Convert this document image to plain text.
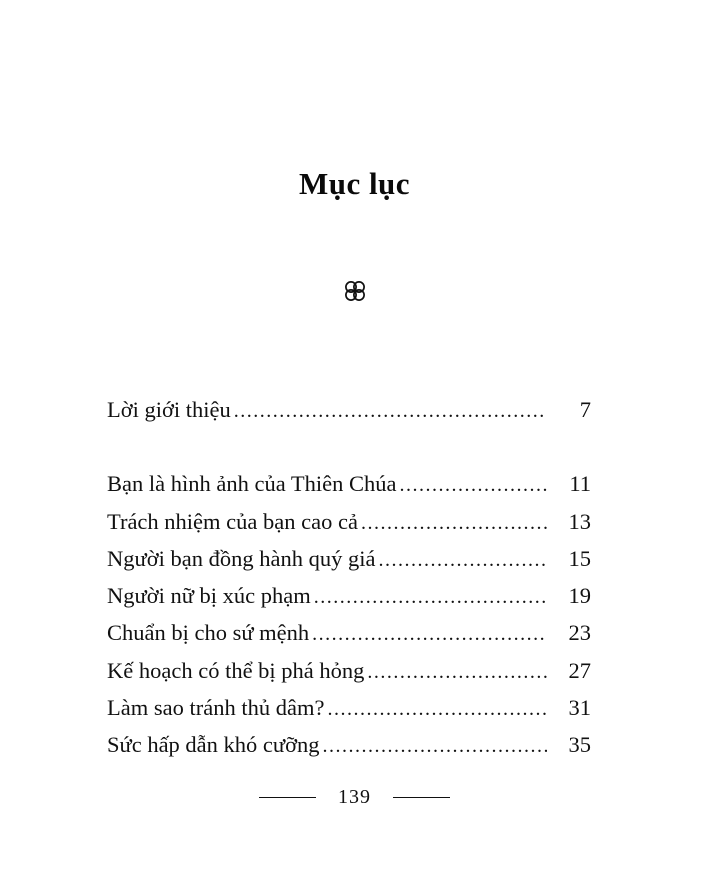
Mục lục
Lời giới thiệu .....	7
Bạn là hình ảnh của Thiên Chúa .....	11
Trách nhiệm của bạn cao cả .....	13
Người bạn đồng hành quý giá .....	15
Người nữ bị xúc phạm .....	19
Chuẩn bị cho sứ mệnh .....	23
Kế hoạch có thể bị phá hỏng .....	27
Làm sao tránh thủ dâm? .....	31
Sức hấp dẫn khó cưỡng .....	35
139
